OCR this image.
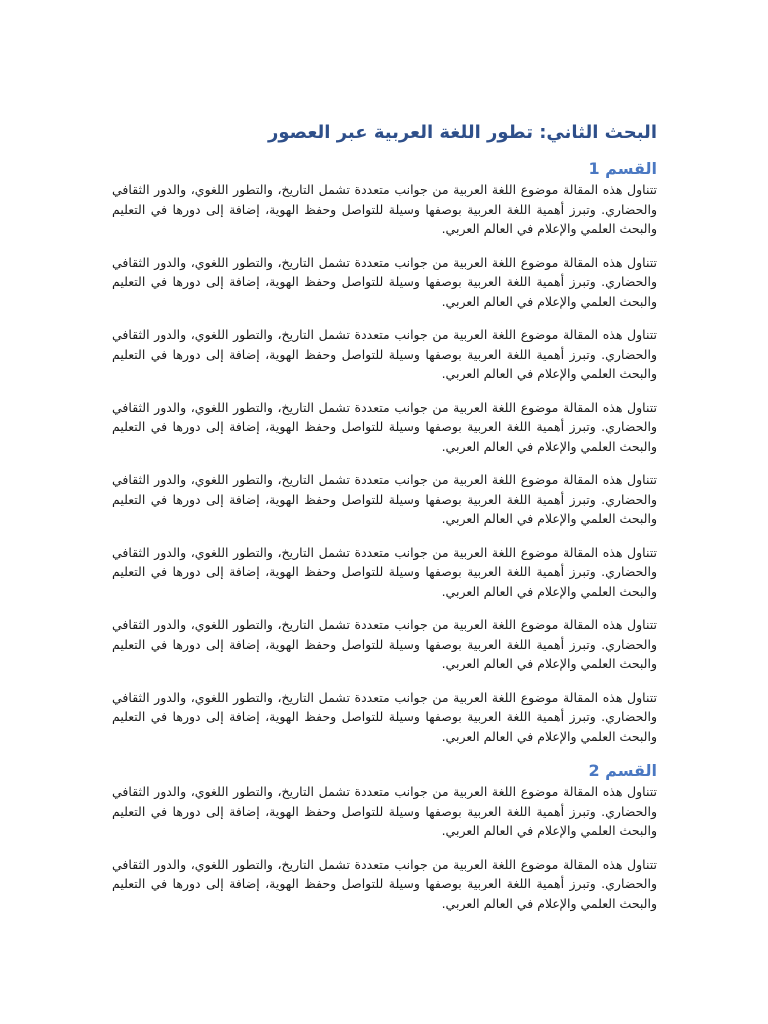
البحث الثاني: تطور اللغة العربية عبر العصور
القسم 1

تتناول هذه المقالة موضوع اللغة العربية من جوانب متعددة تشمل التاريخ، والتطور اللغوي، والدور الثقافي والحضاري. وتبرز أهمية اللغة العربية بوصفها وسيلة للتواصل وحفظ الهوية، إضافة إلى دورها في التعليم والبحث العلمي والإعلام في العالم العربي.

تتناول هذه المقالة موضوع اللغة العربية من جوانب متعددة تشمل التاريخ، والتطور اللغوي، والدور الثقافي والحضاري. وتبرز أهمية اللغة العربية بوصفها وسيلة للتواصل وحفظ الهوية، إضافة إلى دورها في التعليم والبحث العلمي والإعلام في العالم العربي.

تتناول هذه المقالة موضوع اللغة العربية من جوانب متعددة تشمل التاريخ، والتطور اللغوي، والدور الثقافي والحضاري. وتبرز أهمية اللغة العربية بوصفها وسيلة للتواصل وحفظ الهوية، إضافة إلى دورها في التعليم والبحث العلمي والإعلام في العالم العربي.

تتناول هذه المقالة موضوع اللغة العربية من جوانب متعددة تشمل التاريخ، والتطور اللغوي، والدور الثقافي والحضاري. وتبرز أهمية اللغة العربية بوصفها وسيلة للتواصل وحفظ الهوية، إضافة إلى دورها في التعليم والبحث العلمي والإعلام في العالم العربي.

تتناول هذه المقالة موضوع اللغة العربية من جوانب متعددة تشمل التاريخ، والتطور اللغوي، والدور الثقافي والحضاري. وتبرز أهمية اللغة العربية بوصفها وسيلة للتواصل وحفظ الهوية، إضافة إلى دورها في التعليم والبحث العلمي والإعلام في العالم العربي.

تتناول هذه المقالة موضوع اللغة العربية من جوانب متعددة تشمل التاريخ، والتطور اللغوي، والدور الثقافي والحضاري. وتبرز أهمية اللغة العربية بوصفها وسيلة للتواصل وحفظ الهوية، إضافة إلى دورها في التعليم والبحث العلمي والإعلام في العالم العربي.

تتناول هذه المقالة موضوع اللغة العربية من جوانب متعددة تشمل التاريخ، والتطور اللغوي، والدور الثقافي والحضاري. وتبرز أهمية اللغة العربية بوصفها وسيلة للتواصل وحفظ الهوية، إضافة إلى دورها في التعليم والبحث العلمي والإعلام في العالم العربي.

تتناول هذه المقالة موضوع اللغة العربية من جوانب متعددة تشمل التاريخ، والتطور اللغوي، والدور الثقافي والحضاري. وتبرز أهمية اللغة العربية بوصفها وسيلة للتواصل وحفظ الهوية، إضافة إلى دورها في التعليم والبحث العلمي والإعلام في العالم العربي.

القسم 2

تتناول هذه المقالة موضوع اللغة العربية من جوانب متعددة تشمل التاريخ، والتطور اللغوي، والدور الثقافي والحضاري. وتبرز أهمية اللغة العربية بوصفها وسيلة للتواصل وحفظ الهوية، إضافة إلى دورها في التعليم والبحث العلمي والإعلام في العالم العربي.

تتناول هذه المقالة موضوع اللغة العربية من جوانب متعددة تشمل التاريخ، والتطور اللغوي، والدور الثقافي والحضاري. وتبرز أهمية اللغة العربية بوصفها وسيلة للتواصل وحفظ الهوية، إضافة إلى دورها في التعليم والبحث العلمي والإعلام في العالم العربي.
